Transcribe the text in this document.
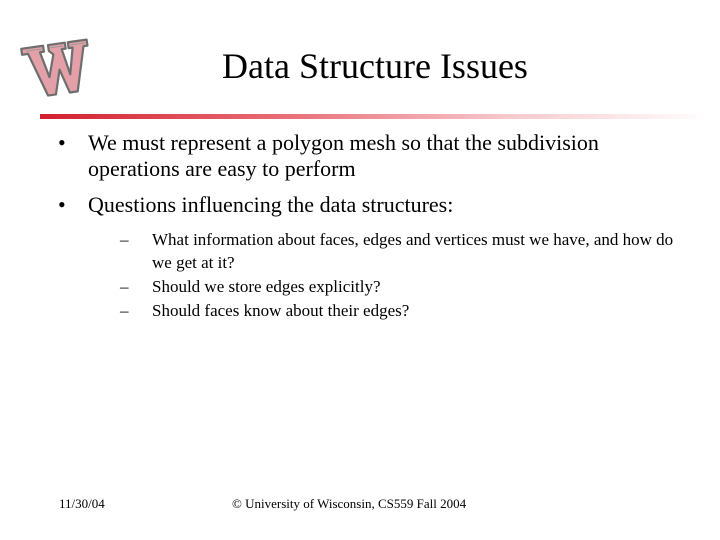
Data Structure Issues
• We must represent a polygon mesh so that the subdivision operations are easy to perform
• Questions influencing the data structures:
– What information about faces, edges and vertices must we have, and how do we get at it?
– Should we store edges explicitly?
– Should faces know about their edges?
11/30/04	© University of Wisconsin, CS559 Fall 2004
